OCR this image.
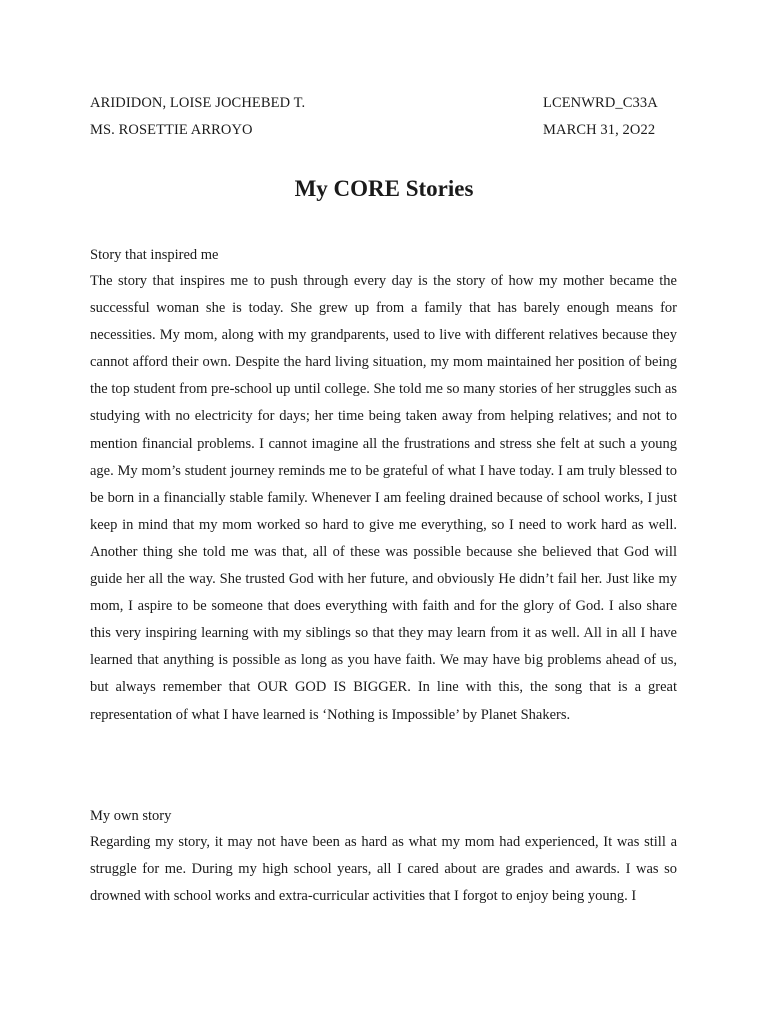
ARIDIDON, LOISE JOCHEBED T.	LCENWRD_C33A
MS. ROSETTIE ARROYO	MARCH 31, 2O22
My CORE Stories
Story that inspired me
The story that inspires me to push through every day is the story of how my mother became the successful woman she is today. She grew up from a family that has barely enough means for necessities. My mom, along with my grandparents, used to live with different relatives because they cannot afford their own. Despite the hard living situation, my mom maintained her position of being the top student from pre-school up until college. She told me so many stories of her struggles such as studying with no electricity for days; her time being taken away from helping relatives; and not to mention financial problems. I cannot imagine all the frustrations and stress she felt at such a young age. My mom’s student journey reminds me to be grateful of what I have today. I am truly blessed to be born in a financially stable family. Whenever I am feeling drained because of school works, I just keep in mind that my mom worked so hard to give me everything, so I need to work hard as well. Another thing she told me was that, all of these was possible because she believed that God will guide her all the way. She trusted God with her future, and obviously He didn’t fail her. Just like my mom, I aspire to be someone that does everything with faith and for the glory of God. I also share this very inspiring learning with my siblings so that they may learn from it as well. All in all I have learned that anything is possible as long as you have faith. We may have big problems ahead of us, but always remember that OUR GOD IS BIGGER. In line with this, the song that is a great representation of what I have learned is ‘Nothing is Impossible’ by Planet Shakers.
My own story
Regarding my story, it may not have been as hard as what my mom had experienced, It was still a struggle for me. During my high school years, all I cared about are grades and awards. I was so drowned with school works and extra-curricular activities that I forgot to enjoy being young. I
